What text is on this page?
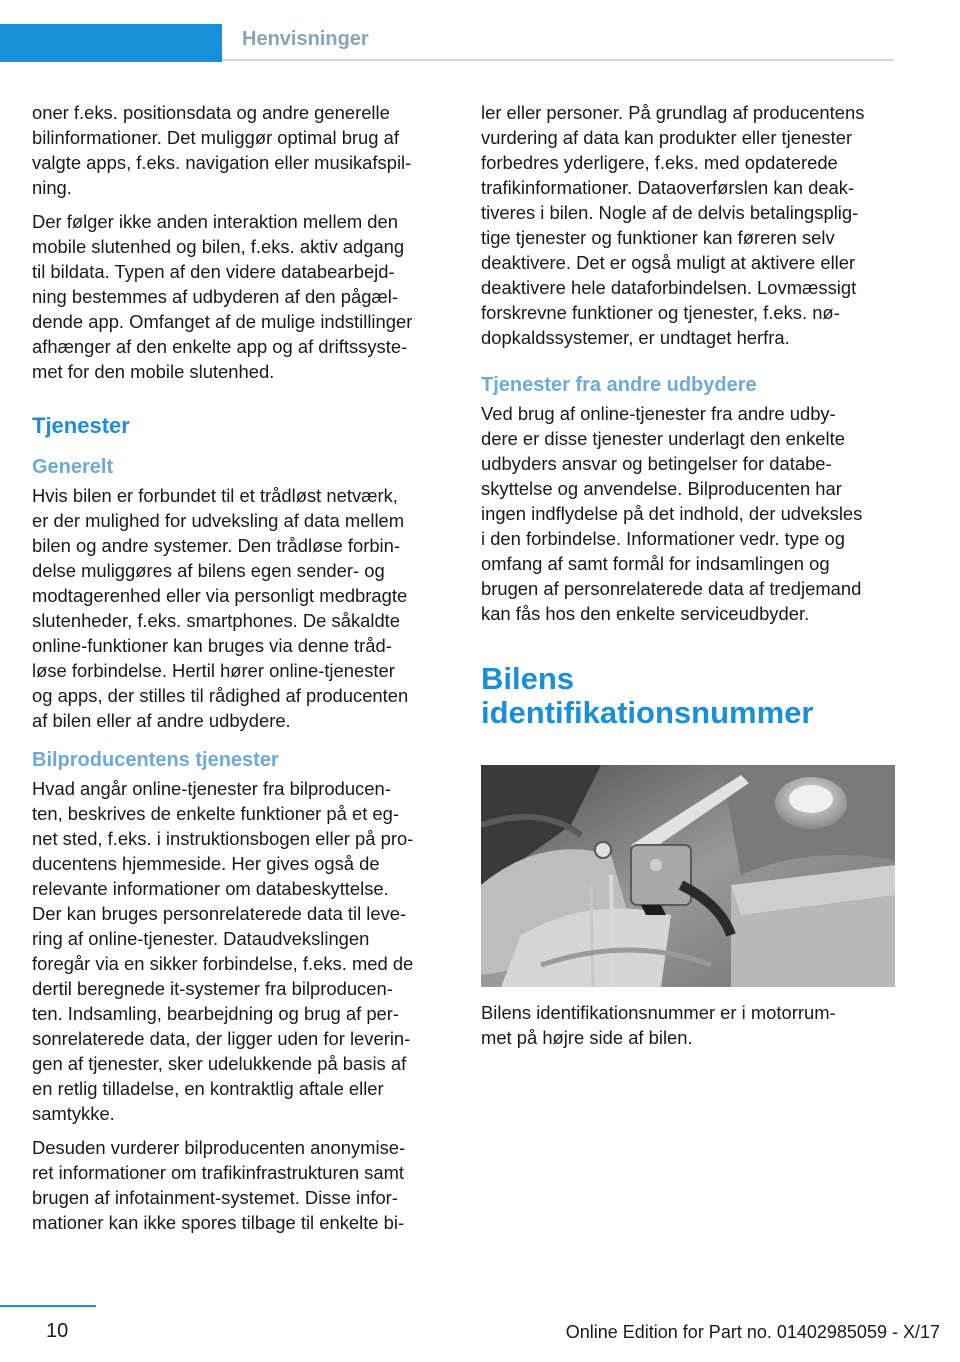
Henvisninger

oner f.eks. positionsdata og andre generelle
bilinformationer. Det muliggør optimal brug af
valgte apps, f.eks. navigation eller musikafspil‐
ning.

Der følger ikke anden interaktion mellem den
mobile slutenhed og bilen, f.eks. aktiv adgang
til bildata. Typen af den videre databearbejd‐
ning bestemmes af udbyderen af den pågæl‐
dende app. Omfanget af de mulige indstillinger
afhænger af den enkelte app og af driftssyste‐
met for den mobile slutenhed.

Tjenester
Generelt

Hvis bilen er forbundet til et trådløst netværk,
er der mulighed for udveksling af data mellem
bilen og andre systemer. Den trådløse forbin‐
delse muliggøres af bilens egen sender- og
modtagerenhed eller via personligt medbragte
slutenheder, f.eks. smartphones. De såkaldte
online-funktioner kan bruges via denne tråd‐
løse forbindelse. Hertil hører online-tjenester
og apps, der stilles til rådighed af producenten
af bilen eller af andre udbydere.

Bilproducentens tjenester

Hvad angår online-tjenester fra bilproducen‐
ten, beskrives de enkelte funktioner på et eg‐
net sted, f.eks. i instruktionsbogen eller på pro‐
ducentens hjemmeside. Her gives også de
relevante informationer om databeskyttelse.
Der kan bruges personrelaterede data til leve‐
ring af online-tjenester. Dataudvekslingen
foregår via en sikker forbindelse, f.eks. med de
dertil beregnede it-systemer fra bilproducen‐
ten. Indsamling, bearbejdning og brug af per‐
sonrelaterede data, der ligger uden for leverin‐
gen af tjenester, sker udelukkende på basis af
en retlig tilladelse, en kontraktlig aftale eller
samtykke.

Desuden vurderer bilproducenten anonymise‐
ret informationer om trafikinfrastrukturen samt
brugen af infotainment-systemet. Disse infor‐
mationer kan ikke spores tilbage til enkelte bi‐

ler eller personer. På grundlag af producentens
vurdering af data kan produkter eller tjenester
forbedres yderligere, f.eks. med opdaterede
trafikinformationer. Dataoverførslen kan deak‐
tiveres i bilen. Nogle af de delvis betalingsplig‐
tige tjenester og funktioner kan føreren selv
deaktivere. Det er også muligt at aktivere eller
deaktivere hele dataforbindelsen. Lovmæssigt
forskrevne funktioner og tjenester, f.eks. nø‐
dopkaldssystemer, er undtaget herfra.

Tjenester fra andre udbydere

Ved brug af online-tjenester fra andre udby‐
dere er disse tjenester underlagt den enkelte
udbyders ansvar og betingelser for databe‐
skyttelse og anvendelse. Bilproducenten har
ingen indflydelse på det indhold, der udveksles
i den forbindelse. Informationer vedr. type og
omfang af samt formål for indsamlingen og
brugen af personrelaterede data af tredjemand
kan fås hos den enkelte serviceudbyder.

Bilens
identifikationsnummer
Bilens identifikationsnummer er i motorrum‐
met på højre side af bilen.
10	Online Edition for Part no. 01402985059 - X/17
